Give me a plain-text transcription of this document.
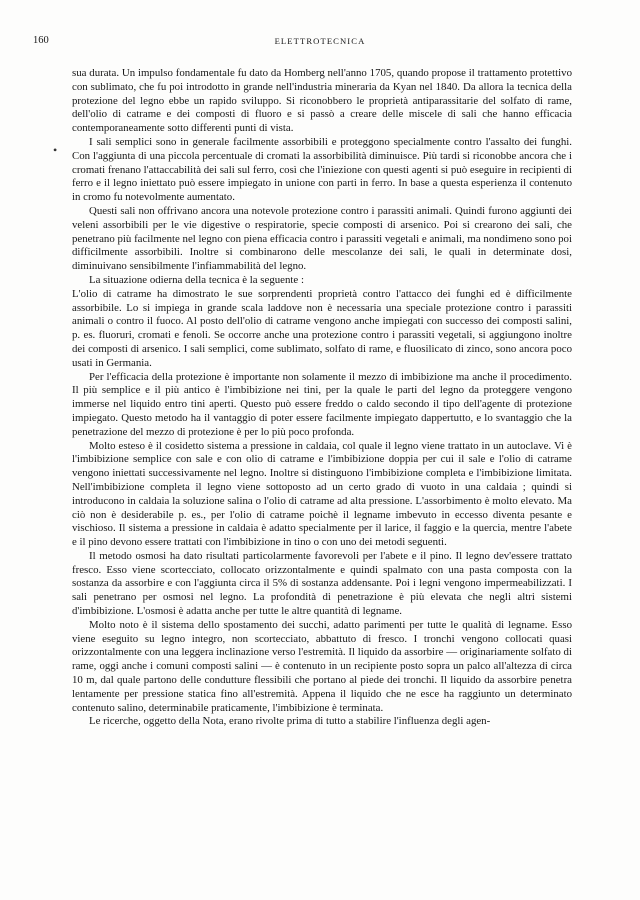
160	ELETTROTECNICA
•

sua durata. Un impulso fondamentale fu dato da Homberg nell'anno 1705, quando propose il trattamento protettivo con sublimato, che fu poi introdotto in grande nell'industria mineraria da Kyan nel 1840. Da allora la tecnica della protezione del legno ebbe un rapido sviluppo. Si riconobbero le proprietà antiparassitarie del solfato di rame, dell'olio di catrame e dei composti di fluoro e si passò a creare delle miscele di sali che hanno efficacia contemporaneamente sotto differenti punti di vista.

I sali semplici sono in generale facilmente assorbibili e proteggono specialmente contro l'assalto dei funghi. Con l'aggiunta di una piccola percentuale di cromati la assorbibilità diminuisce. Più tardi si riconobbe ancora che i cromati frenano l'attaccabilità dei sali sul ferro, così che l'iniezione con questi agenti si può eseguire in recipienti di ferro e il legno iniettato può essere impiegato in unione con parti in ferro. In base a questa esperienza il contenuto in cromo fu notevolmente aumentato.

Questi sali non offrivano ancora una notevole protezione contro i parassiti animali. Quindi furono aggiunti dei veleni assorbibili per le vie digestive o respiratorie, specie composti di arsenico. Poi si crearono dei sali, che penetrano più facilmente nel legno con piena efficacia contro i parassiti vegetali e animali, ma nondimeno sono poi difficilmente assorbibili. Inoltre si combinarono delle mescolanze dei sali, le quali in determinate dosi, diminuivano sensibilmente l'infiammabilità del legno.

La situazione odierna della tecnica è la seguente :

L'olio di catrame ha dimostrato le sue sorprendenti proprietà contro l'attacco dei funghi ed è difficilmente assorbibile. Lo si impiega in grande scala laddove non è necessaria una speciale protezione contro i parassiti animali o contro il fuoco. Al posto dell'olio di catrame vengono anche impiegati con successo dei composti salini, p. es. fluoruri, cromati e fenoli. Se occorre anche una protezione contro i parassiti vegetali, si aggiungono inoltre dei composti di arsenico. I sali semplici, come sublimato, solfato di rame, e fluosilicato di zinco, sono ancora poco usati in Germania.

Per l'efficacia della protezione è importante non solamente il mezzo di imbibizione ma anche il procedimento. Il più semplice e il più antico è l'imbibizione nei tini, per la quale le parti del legno da proteggere vengono immerse nel liquido entro tini aperti. Questo può essere freddo o caldo secondo il tipo dell'agente di protezione impiegato. Questo metodo ha il vantaggio di poter essere facilmente impiegato dappertutto, e lo svantaggio che la penetrazione del mezzo di protezione è per lo più poco profonda.

Molto esteso è il cosidetto sistema a pressione in caldaia, col quale il legno viene trattato in un autoclave. Vi è l'imbibizione semplice con sale e con olio di catrame e l'imbibizione doppia per cui il sale e l'olio di catrame vengono iniettati successivamente nel legno. Inoltre si distinguono l'imbibizione completa e l'imbibizione limitata. Nell'imbibizione completa il legno viene sottoposto ad un certo grado di vuoto in una caldaia ; quindi si introducono in caldaia la soluzione salina o l'olio di catrame ad alta pressione. L'assorbimento è molto elevato. Ma ciò non è desiderabile p. es., per l'olio di catrame poichè il legname imbevuto in eccesso diventa pesante e vischioso. Il sistema a pressione in caldaia è adatto specialmente per il larice, il faggio e la quercia, mentre l'abete e il pino devono essere trattati con l'imbibizione in tino o con uno dei metodi seguenti.

Il metodo osmosi ha dato risultati particolarmente favorevoli per l'abete e il pino. Il legno dev'essere trattato fresco. Esso viene scortecciato, collocato orizzontalmente e quindi spalmato con una pasta composta con la sostanza da assorbire e con l'aggiunta circa il 5% di sostanza addensante. Poi i legni vengono impermeabilizzati. I sali penetrano per osmosi nel legno. La profondità di penetrazione è più elevata che negli altri sistemi d'imbibizione. L'osmosi è adatta anche per tutte le altre quantità di legname.

Molto noto è il sistema dello spostamento dei succhi, adatto parimenti per tutte le qualità di legname. Esso viene eseguito su legno integro, non scortecciato, abbattuto di fresco. I tronchi vengono collocati quasi orizzontalmente con una leggera inclinazione verso l'estremità. Il liquido da assorbire — originariamente solfato di rame, oggi anche i comuni composti salini — è contenuto in un recipiente posto sopra un palco all'altezza di circa 10 m, dal quale partono delle condutture flessibili che portano al piede dei tronchi. Il liquido da assorbire penetra lentamente per pressione statica fino all'estremità. Appena il liquido che ne esce ha raggiunto un determinato contenuto salino, determinabile praticamente, l'imbibizione è terminata.

Le ricerche, oggetto della Nota, erano rivolte prima di tutto a stabilire l'influenza degli agen-
